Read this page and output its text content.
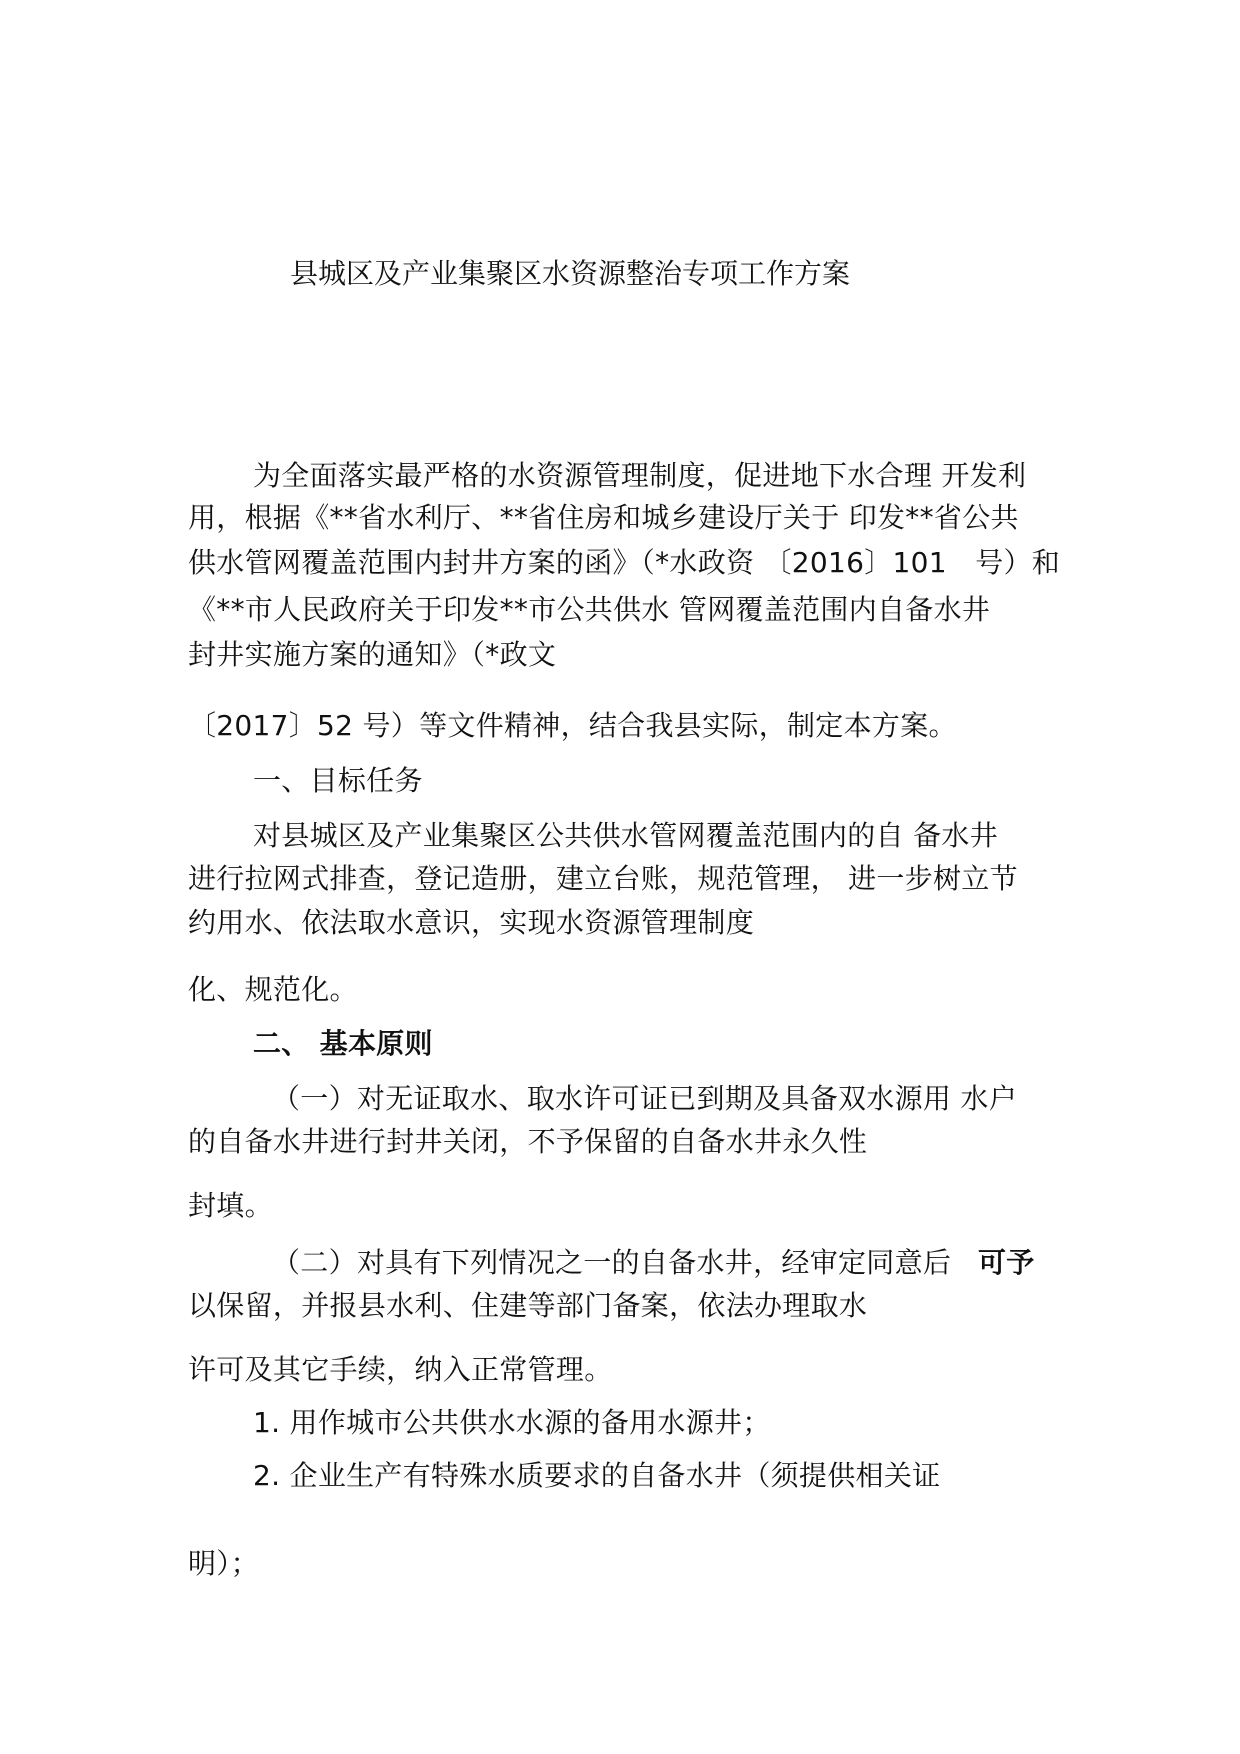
县城区及产业集聚区水资源整治专项工作方案
为全面落实最严格的水资源管理制度，促进地下水合理 开发利
用，根据《**省水利厅、**省住房和城乡建设厅关于 印发**省公共
供水管网覆盖范围内封井方案的函》（*水政资 〔2016〕101　号）和
《**市人民政府关于印发**市公共供水 管网覆盖范围内自备水井
封井实施方案的通知》（*政文
〔2017〕52 号）等文件精神，结合我县实际，制定本方案。
一、目标任务
对县城区及产业集聚区公共供水管网覆盖范围内的自 备水井
进行拉网式排查，登记造册，建立台账，规范管理， 进一步树立节
约用水、依法取水意识，实现水资源管理制度
化、规范化。
二、 基本原则
（一）对无证取水、取水许可证已到期及具备双水源用 水户
的自备水井进行封井关闭，不予保留的自备水井永久性
封填。
（二）对具有下列情况之一的自备水井，经审定同意后 可予
以保留，并报县水利、住建等部门备案，依法办理取水
许可及其它手续，纳入正常管理。
1. 用作城市公共供水水源的备用水源井；
2. 企业生产有特殊水质要求的自备水井（须提供相关证
明）；
